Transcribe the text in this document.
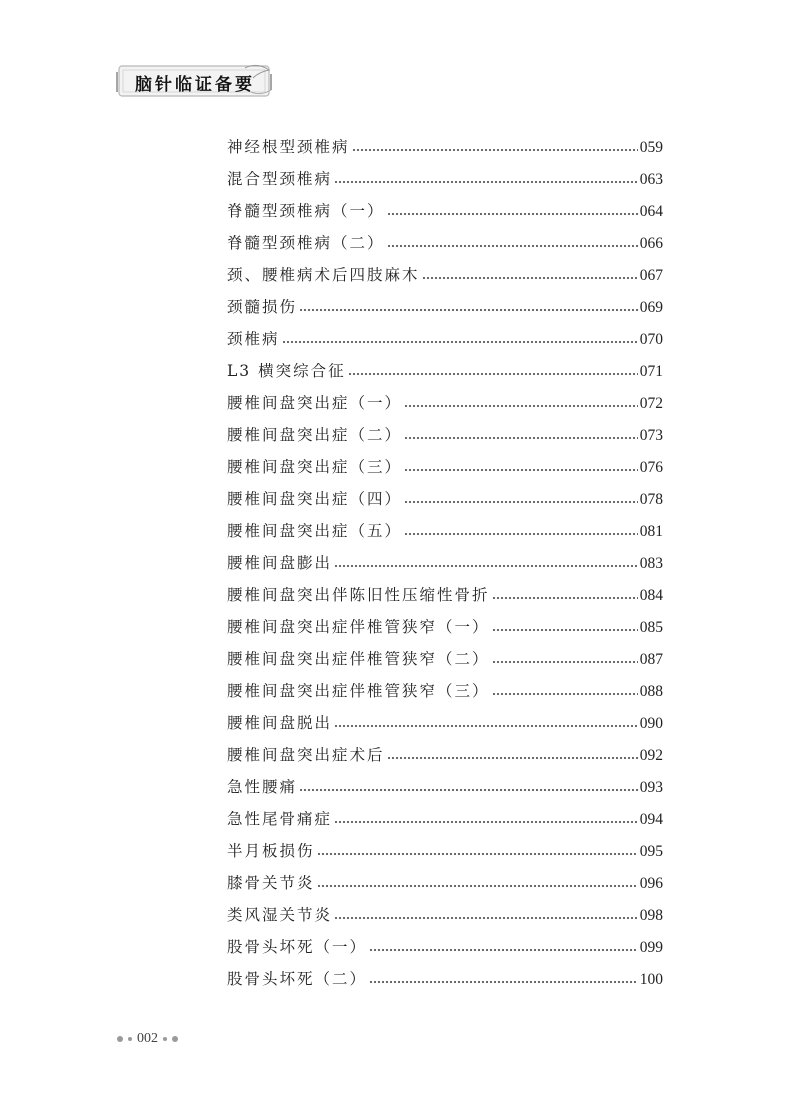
脑针临证备要
神经根型颈椎病	059
混合型颈椎病	063
脊髓型颈椎病（一）	064
脊髓型颈椎病（二）	066
颈、腰椎病术后四肢麻木	067
颈髓损伤	069
颈椎病	070
L3 横突综合征	071
腰椎间盘突出症（一）	072
腰椎间盘突出症（二）	073
腰椎间盘突出症（三）	076
腰椎间盘突出症（四）	078
腰椎间盘突出症（五）	081
腰椎间盘膨出	083
腰椎间盘突出伴陈旧性压缩性骨折	084
腰椎间盘突出症伴椎管狭窄（一）	085
腰椎间盘突出症伴椎管狭窄（二）	087
腰椎间盘突出症伴椎管狭窄（三）	088
腰椎间盘脱出	090
腰椎间盘突出症术后	092
急性腰痛	093
急性尾骨痛症	094
半月板损伤	095
膝骨关节炎	096
类风湿关节炎	098
股骨头坏死（一）	099
股骨头坏死（二）	100
002
